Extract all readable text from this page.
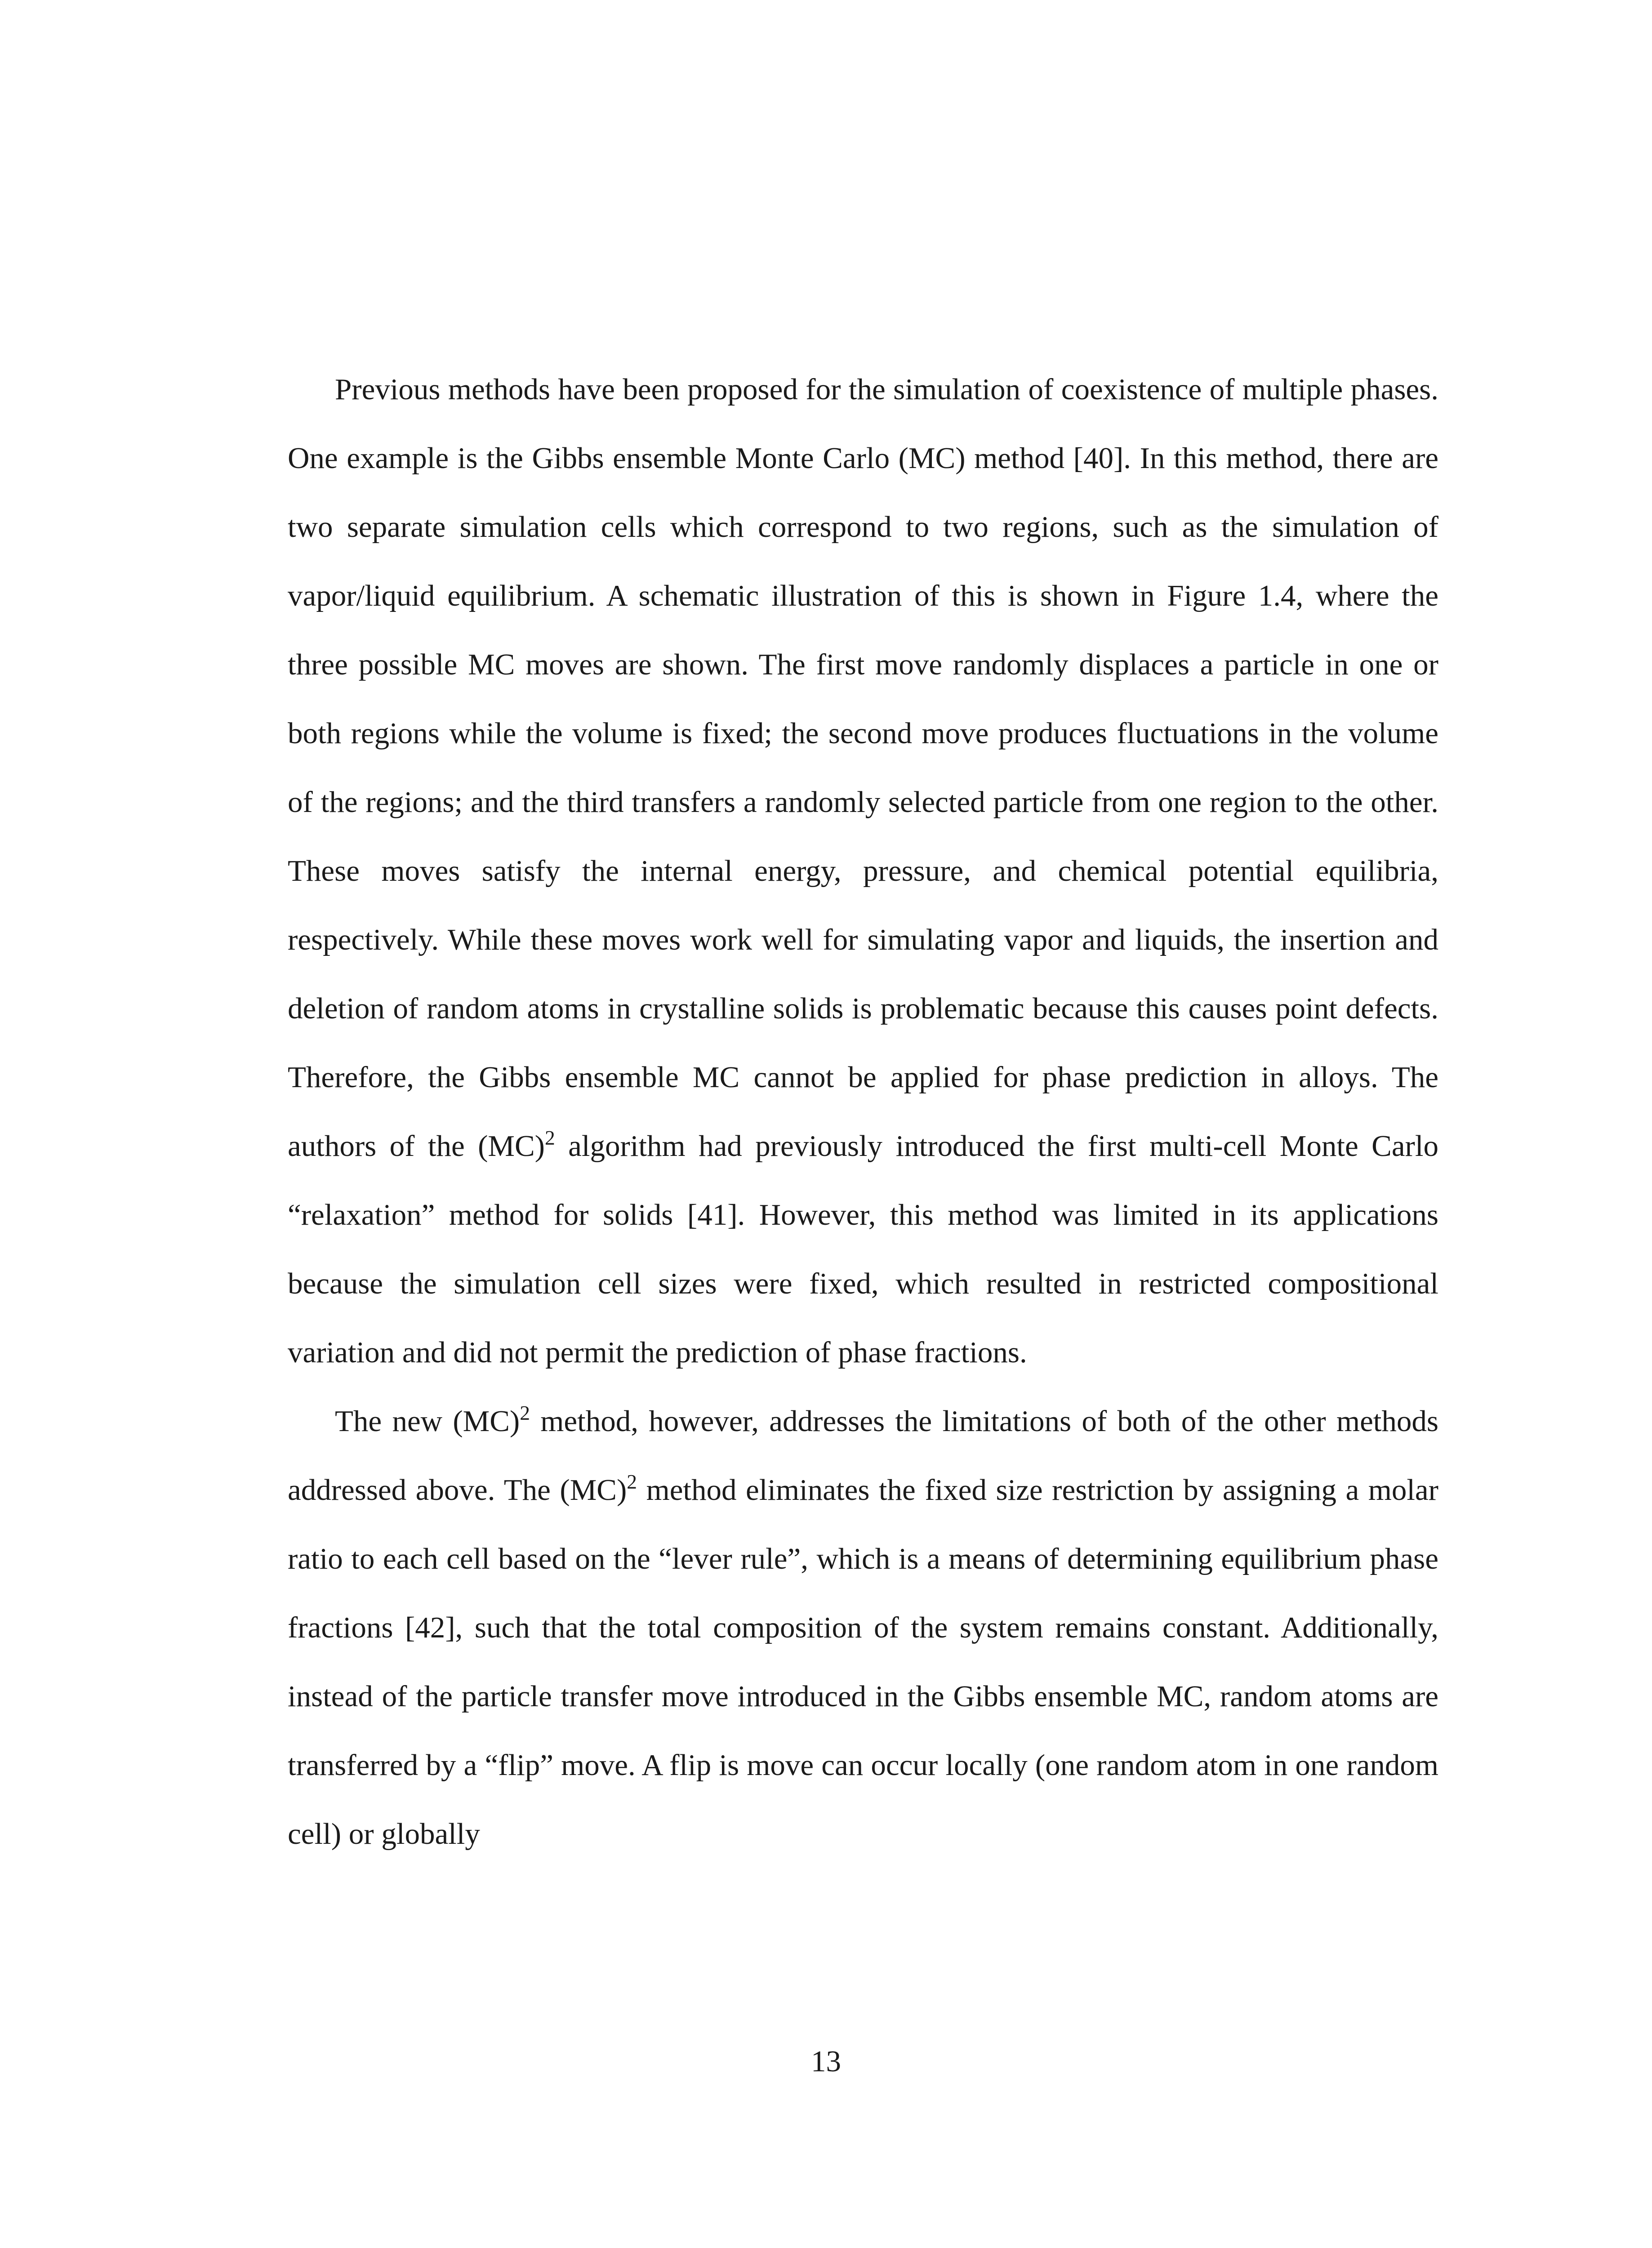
Previous methods have been proposed for the simulation of coexistence of multiple phases. One example is the Gibbs ensemble Monte Carlo (MC) method [40]. In this method, there are two separate simulation cells which correspond to two regions, such as the simulation of vapor/liquid equilibrium. A schematic illustration of this is shown in Figure 1.4, where the three possible MC moves are shown. The first move randomly displaces a particle in one or both regions while the volume is fixed; the second move produces fluctuations in the volume of the regions; and the third transfers a randomly selected particle from one region to the other. These moves satisfy the internal energy, pressure, and chemical potential equilibria, respectively. While these moves work well for simulating vapor and liquids, the insertion and deletion of random atoms in crystalline solids is problematic because this causes point defects. Therefore, the Gibbs ensemble MC cannot be applied for phase prediction in alloys. The authors of the (MC)$^2$ algorithm had previously introduced the first multi-cell Monte Carlo “relaxation” method for solids [41]. However, this method was limited in its applications because the simulation cell sizes were fixed, which resulted in restricted compositional variation and did not permit the prediction of phase fractions.

The new (MC)$^2$ method, however, addresses the limitations of both of the other methods addressed above. The (MC)$^2$ method eliminates the fixed size restriction by assigning a molar ratio to each cell based on the “lever rule”, which is a means of determining equilibrium phase fractions [42], such that the total composition of the system remains constant. Additionally, instead of the particle transfer move introduced in the Gibbs ensemble MC, random atoms are transferred by a “flip” move. A flip is move can occur locally (one random atom in one random cell) or globally

13
